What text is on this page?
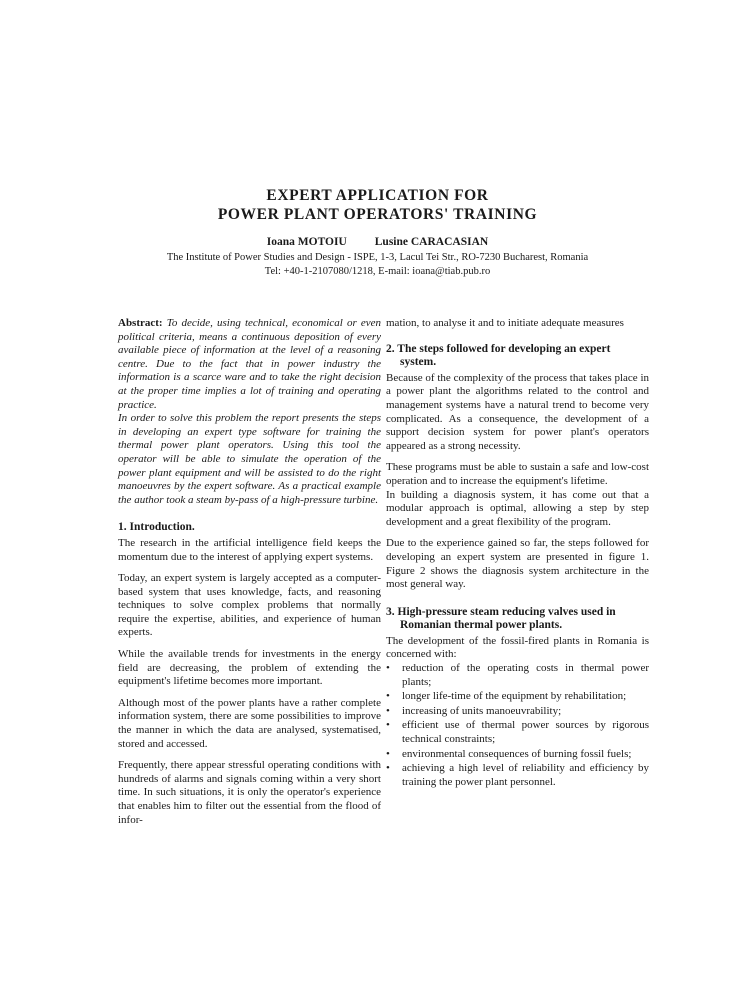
EXPERT APPLICATION FOR
POWER PLANT OPERATORS' TRAINING
Ioana MOTOIU Lusine CARACASIAN
The Institute of Power Studies and Design - ISPE, 1-3, Lacul Tei Str., RO-7230 Bucharest, Romania
Tel: +40-1-2107080/1218, E-mail: ioana@tiab.pub.ro

Abstract: To decide, using technical, economical or even political criteria, means a continuous deposition of every available piece of information at the level of a reasoning centre. Due to the fact that in power industry the information is a scarce ware and to take the right decision at the proper time implies a lot of training and operating practice.

In order to solve this problem the report presents the steps in developing an expert type software for training the thermal power plant operators. Using this tool the operator will be able to simulate the operation of the power plant equipment and will be assisted to do the right manoeuvres by the expert software. As a practical example the author took a steam by-pass of a high-pressure turbine.

1. Introduction.

The research in the artificial intelligence field keeps the momentum due to the interest of applying expert systems.

Today, an expert system is largely accepted as a computer-based system that uses knowledge, facts, and reasoning techniques to solve complex problems that normally require the expertise, abilities, and experience of human experts.

While the available trends for investments in the energy field are decreasing, the problem of extending the equipment's lifetime becomes more important.

Although most of the power plants have a rather complete information system, there are some possibilities to improve the manner in which the data are analysed, systematised, stored and accessed.

Frequently, there appear stressful operating conditions with hundreds of alarms and signals coming within a very short time. In such situations, it is only the operator's experience that enables him to filter out the essential from the flood of infor-

mation, to analyse it and to initiate adequate measures

2. The steps followed for developing an expert system.

Because of the complexity of the process that takes place in a power plant the algorithms related to the control and management systems have a natural trend to become very complicated. As a consequence, the development of a support decision system for power plant's operators appeared as a strong necessity.

These programs must be able to sustain a safe and low-cost operation and to increase the equipment's lifetime.

In building a diagnosis system, it has come out that a modular approach is optimal, allowing a step by step development and a great flexibility of the program.

Due to the experience gained so far, the steps followed for developing an expert system are presented in figure 1. Figure 2 shows the diagnosis system architecture in the most general way.

3. High-pressure steam reducing valves used in Romanian thermal power plants.

The development of the fossil-fired plants in Romania is concerned with:

• reduction of the operating costs in thermal power plants;
• longer life-time of the equipment by rehabilitation;
• increasing of units manoeuvrability;
• efficient use of thermal power sources by rigorous technical constraints;
• environmental consequences of burning fossil fuels;
• achieving a high level of reliability and efficiency by training the power plant personnel.
